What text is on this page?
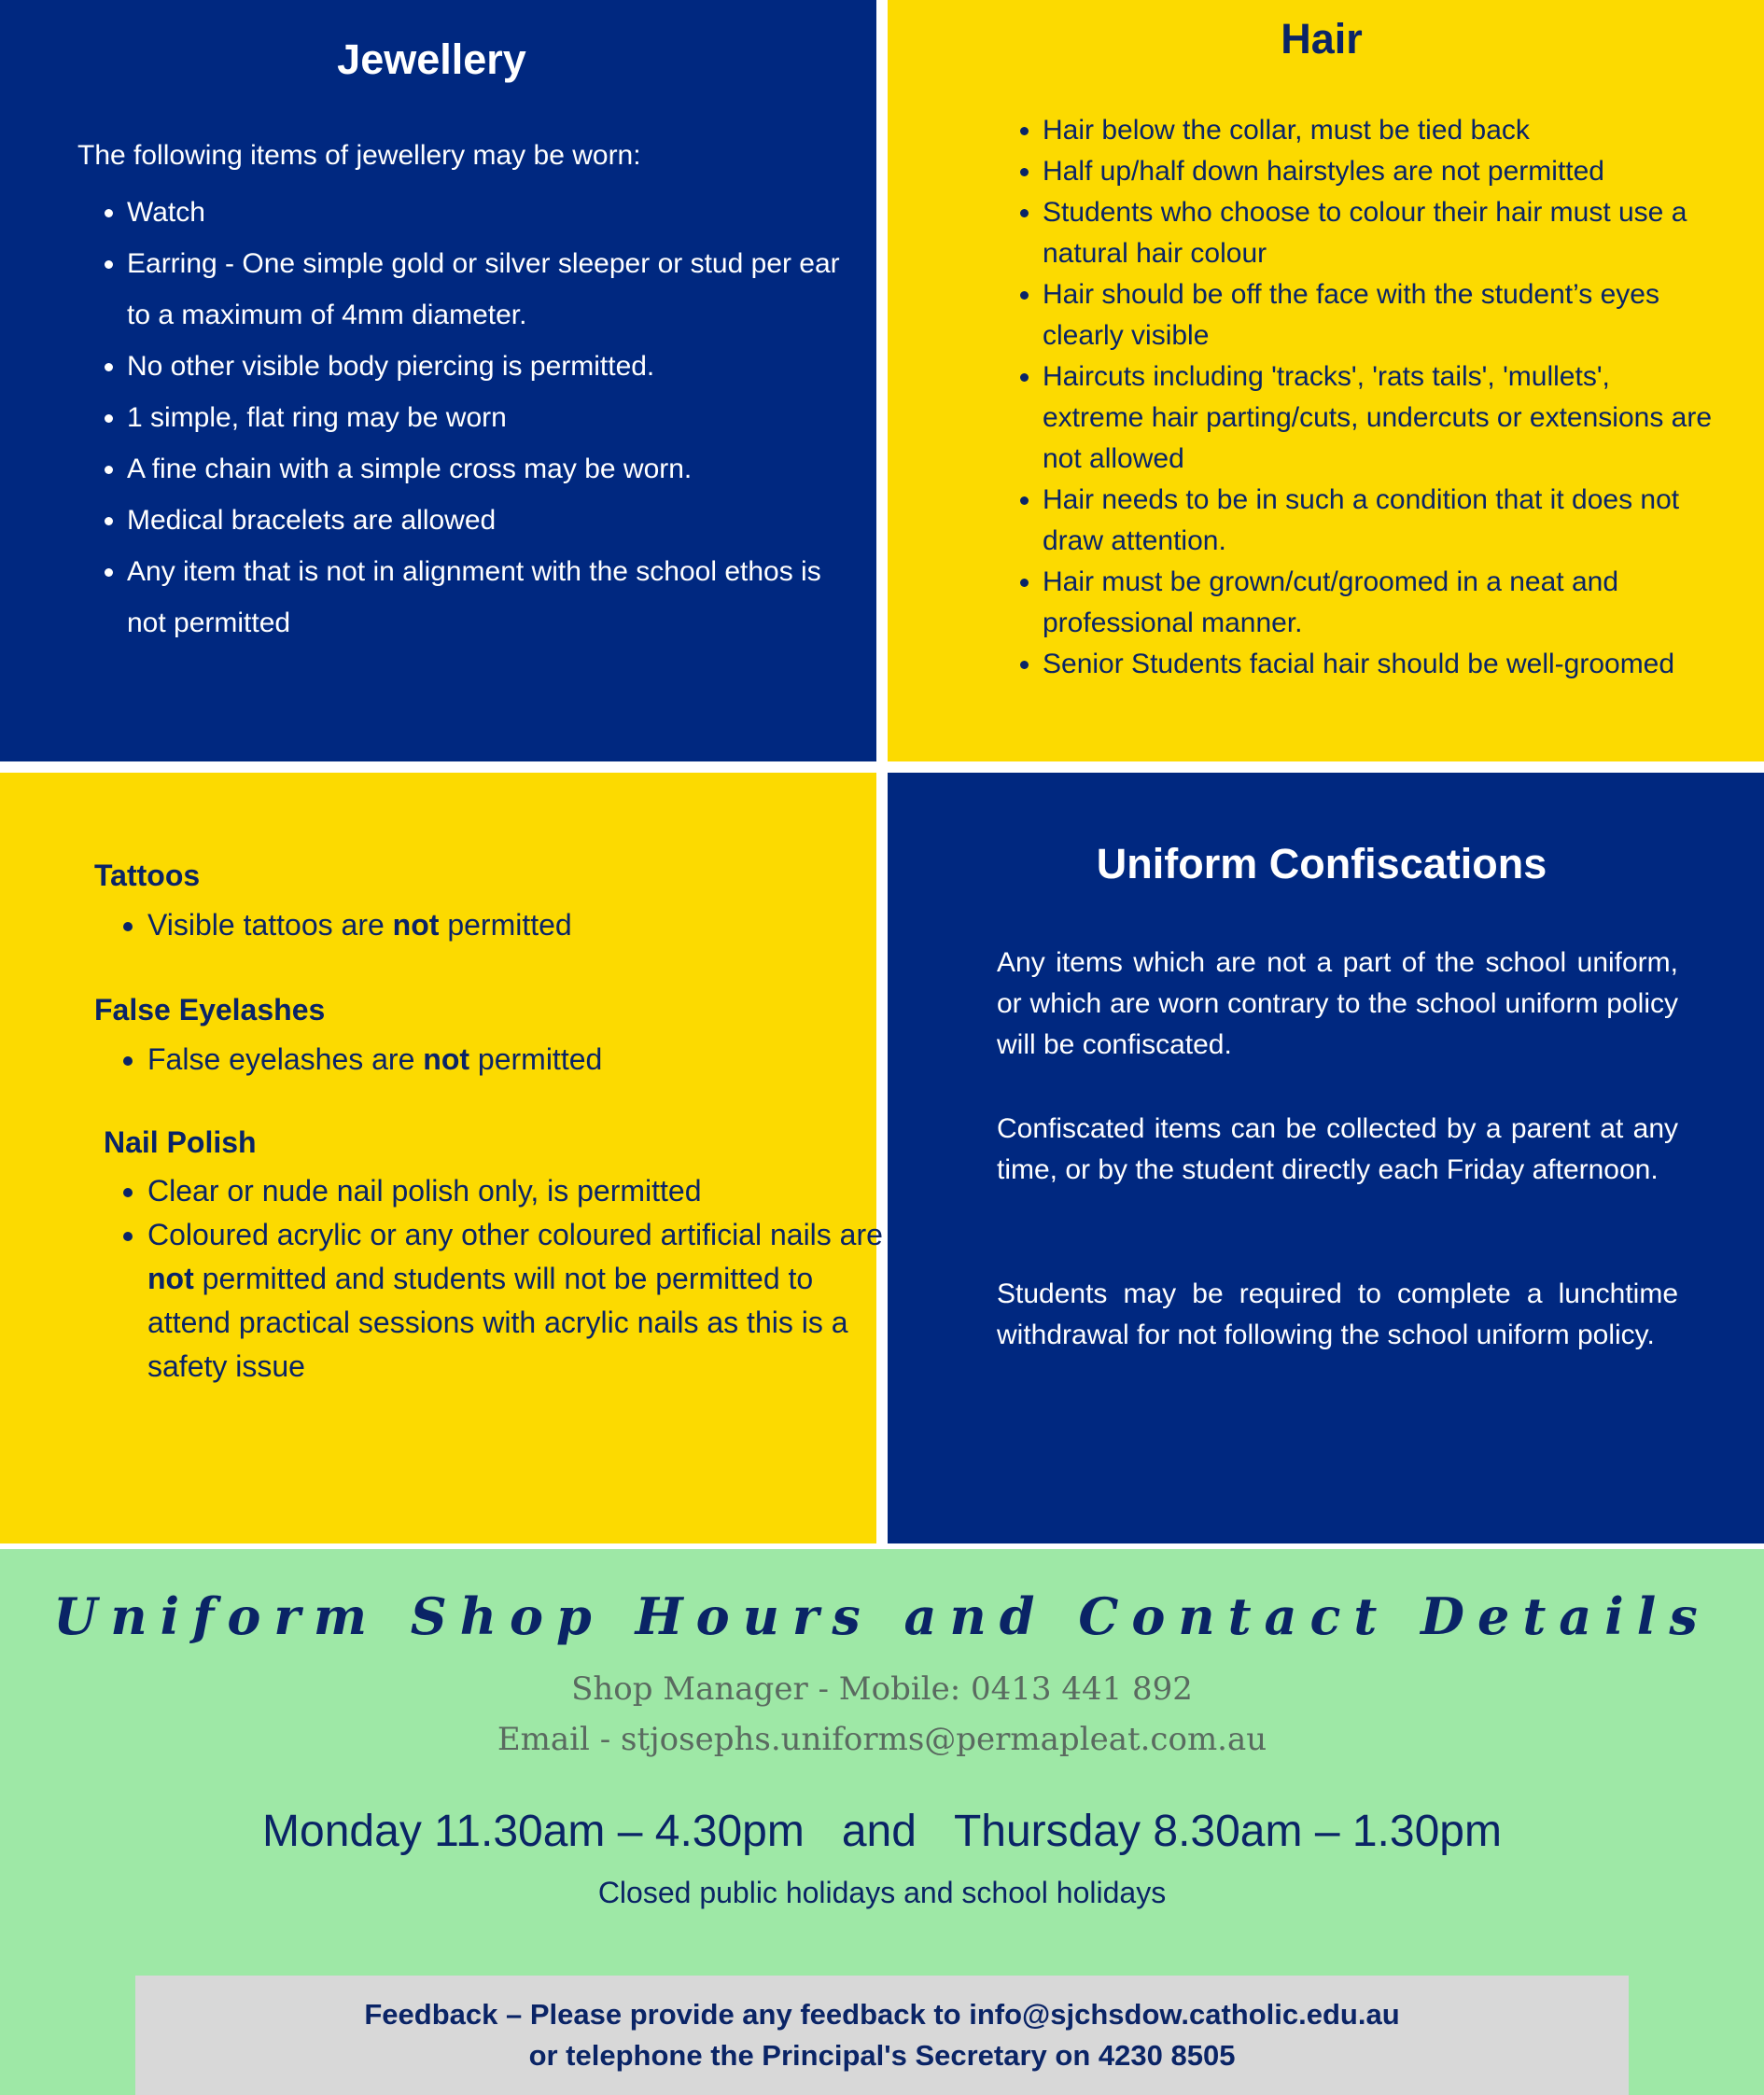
Jewellery
The following items of jewellery may be worn:
• Watch
• Earring - One simple gold or silver sleeper or stud per ear to a maximum of 4mm diameter.
• No other visible body piercing is permitted.
• 1 simple, flat ring may be worn
• A fine chain with a simple cross may be worn.
• Medical bracelets are allowed
• Any item that is not in alignment with the school ethos is not permitted
Hair
• Hair below the collar, must be tied back
• Half up/half down hairstyles are not permitted
• Students who choose to colour their hair must use a natural hair colour
• Hair should be off the face with the student’s eyes clearly visible
• Haircuts including 'tracks', 'rats tails', 'mullets', extreme hair parting/cuts, undercuts or extensions are not allowed
• Hair needs to be in such a condition that it does not draw attention.
• Hair must be grown/cut/groomed in a neat and professional manner.
• Senior Students facial hair should be well-groomed
Tattoos
• Visible tattoos are not permitted
False Eyelashes
• False eyelashes are not permitted
Nail Polish
• Clear or nude nail polish only, is permitted
• Coloured acrylic or any other coloured artificial nails are not permitted and students will not be permitted to attend practical sessions with acrylic nails as this is a safety issue
Uniform Confiscations

Any items which are not a part of the school uniform, or which are worn contrary to the school uniform policy will be confiscated.

Confiscated items can be collected by a parent at any time, or by the student directly each Friday afternoon.

Students may be required to complete a lunchtime withdrawal for not following the school uniform policy.

Uniform Shop Hours and Contact Details

Shop Manager - Mobile: 0413 441 892

Email - stjosephs.uniforms@permapleat.com.au

Monday 11.30am – 4.30pm and Thursday 8.30am – 1.30pm

Closed public holidays and school holidays

Feedback – Please provide any feedback to info@sjchsdow.catholic.edu.au
or telephone the Principal's Secretary on 4230 8505
